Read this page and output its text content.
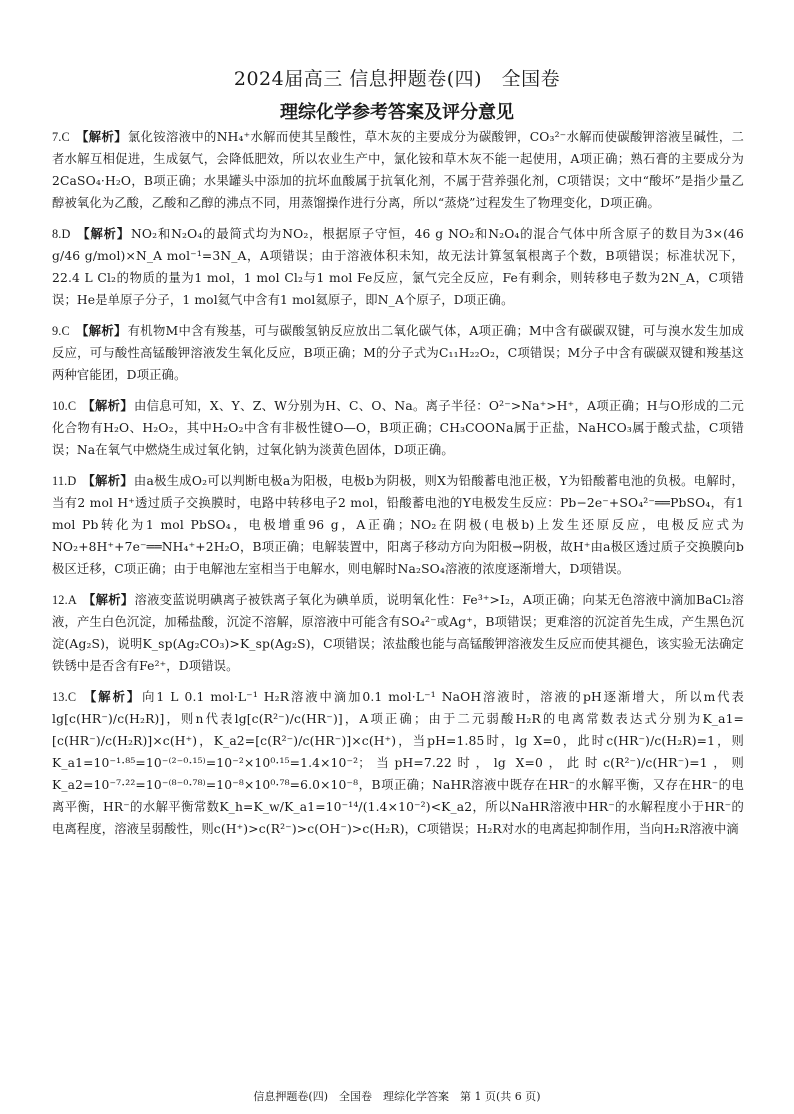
2024届高三 信息押题卷(四)　全国卷
理综化学参考答案及评分意见

7.C 【解析】氯化铵溶液中的NH₄⁺水解而使其呈酸性，草木灰的主要成分为碳酸钾，CO₃²⁻水解而使碳酸钾溶液呈碱性，二者水解互相促进，生成氨气，会降低肥效，所以农业生产中，氯化铵和草木灰不能一起使用，A项正确；熟石膏的主要成分为2CaSO₄·H₂O，B项正确；水果罐头中添加的抗坏血酸属于抗氧化剂，不属于营养强化剂，C项错误；文中“酸坏”是指少量乙醇被氧化为乙酸，乙酸和乙醇的沸点不同，用蒸馏操作进行分离，所以“蒸烧”过程发生了物理变化，D项正确。

8.D 【解析】NO₂和N₂O₄的最简式均为NO₂，根据原子守恒，46 g NO₂和N₂O₄的混合气体中所含原子的数目为3×(46 g/46 g/mol)×N_A mol⁻¹=3N_A，A项错误；由于溶液体积未知，故无法计算氢氧根离子个数，B项错误；标准状况下，22.4 L Cl₂的物质的量为1 mol，1 mol Cl₂与1 mol Fe反应，氯气完全反应，Fe有剩余，则转移电子数为2N_A，C项错误；He是单原子分子，1 mol氦气中含有1 mol氦原子，即N_A个原子，D项正确。

9.C 【解析】有机物M中含有羧基，可与碳酸氢钠反应放出二氧化碳气体，A项正确；M中含有碳碳双键，可与溴水发生加成反应，可与酸性高锰酸钾溶液发生氧化反应，B项正确；M的分子式为C₁₁H₂₂O₂，C项错误；M分子中含有碳碳双键和羧基这两种官能团，D项正确。

10.C 【解析】由信息可知，X、Y、Z、W分别为H、C、O、Na。离子半径：O²⁻>Na⁺>H⁺，A项正确；H与O形成的二元化合物有H₂O、H₂O₂，其中H₂O₂中含有非极性键O—O，B项正确；CH₃COONa属于正盐，NaHCO₃属于酸式盐，C项错误；Na在氧气中燃烧生成过氧化钠，过氧化钠为淡黄色固体，D项正确。

11.D 【解析】由a极生成O₂可以判断电极a为阳极，电极b为阴极，则X为铅酸蓄电池正极，Y为铅酸蓄电池的负极。电解时，当有2 mol H⁺透过质子交换膜时，电路中转移电子2 mol，铅酸蓄电池的Y电极发生反应：Pb−2e⁻+SO₄²⁻══PbSO₄，有1 mol Pb转化为1 mol PbSO₄，电极增重96 g，A正确；NO₂在阴极(电极b)上发生还原反应，电极反应式为NO₂+8H⁺+7e⁻══NH₄⁺+2H₂O，B项正确；电解装置中，阳离子移动方向为阳极→阴极，故H⁺由a极区透过质子交换膜向b极区迁移，C项正确；由于电解池左室相当于电解水，则电解时Na₂SO₄溶液的浓度逐渐增大，D项错误。

12.A 【解析】溶液变蓝说明碘离子被铁离子氧化为碘单质，说明氧化性：Fe³⁺>I₂，A项正确；向某无色溶液中滴加BaCl₂溶液，产生白色沉淀，加稀盐酸，沉淀不溶解，原溶液中可能含有SO₄²⁻或Ag⁺，B项错误；更难溶的沉淀首先生成，产生黑色沉淀(Ag₂S)，说明K_sp(Ag₂CO₃)>K_sp(Ag₂S)，C项错误；浓盐酸也能与高锰酸钾溶液发生反应而使其褪色，该实验无法确定铁锈中是否含有Fe²⁺，D项错误。

13.C 【解析】向1 L 0.1 mol·L⁻¹ H₂R溶液中滴加0.1 mol·L⁻¹ NaOH溶液时，溶液的pH逐渐增大，所以m代表lg[c(HR⁻)/c(H₂R)]，则n代表lg[c(R²⁻)/c(HR⁻)]，A项正确；由于二元弱酸H₂R的电离常数表达式分别为K_a1=[c(HR⁻)/c(H₂R)]×c(H⁺)，K_a2=[c(R²⁻)/c(HR⁻)]×c(H⁺)，当pH=1.85时，lg X=0，此时c(HR⁻)/c(H₂R)=1，则K_a1=10⁻¹·⁸⁵=10⁻⁽²⁻⁰·¹⁵⁾=10⁻²×10⁰·¹⁵=1.4×10⁻²；当pH=7.22时，lg X=0，此时c(R²⁻)/c(HR⁻)=1，则K_a2=10⁻⁷·²²=10⁻⁽⁸⁻⁰·⁷⁸⁾=10⁻⁸×10⁰·⁷⁸=6.0×10⁻⁸，B项正确；NaHR溶液中既存在HR⁻的水解平衡，又存在HR⁻的电离平衡，HR⁻的水解平衡常数K_h=K_w/K_a1=10⁻¹⁴/(1.4×10⁻²)<K_a2，所以NaHR溶液中HR⁻的水解程度小于HR⁻的电离程度，溶液呈弱酸性，则c(H⁺)>c(R²⁻)>c(OH⁻)>c(H₂R)，C项错误；H₂R对水的电离起抑制作用，当向H₂R溶液中滴

信息押题卷(四)　全国卷　理综化学答案　第 1 页(共 6 页)
